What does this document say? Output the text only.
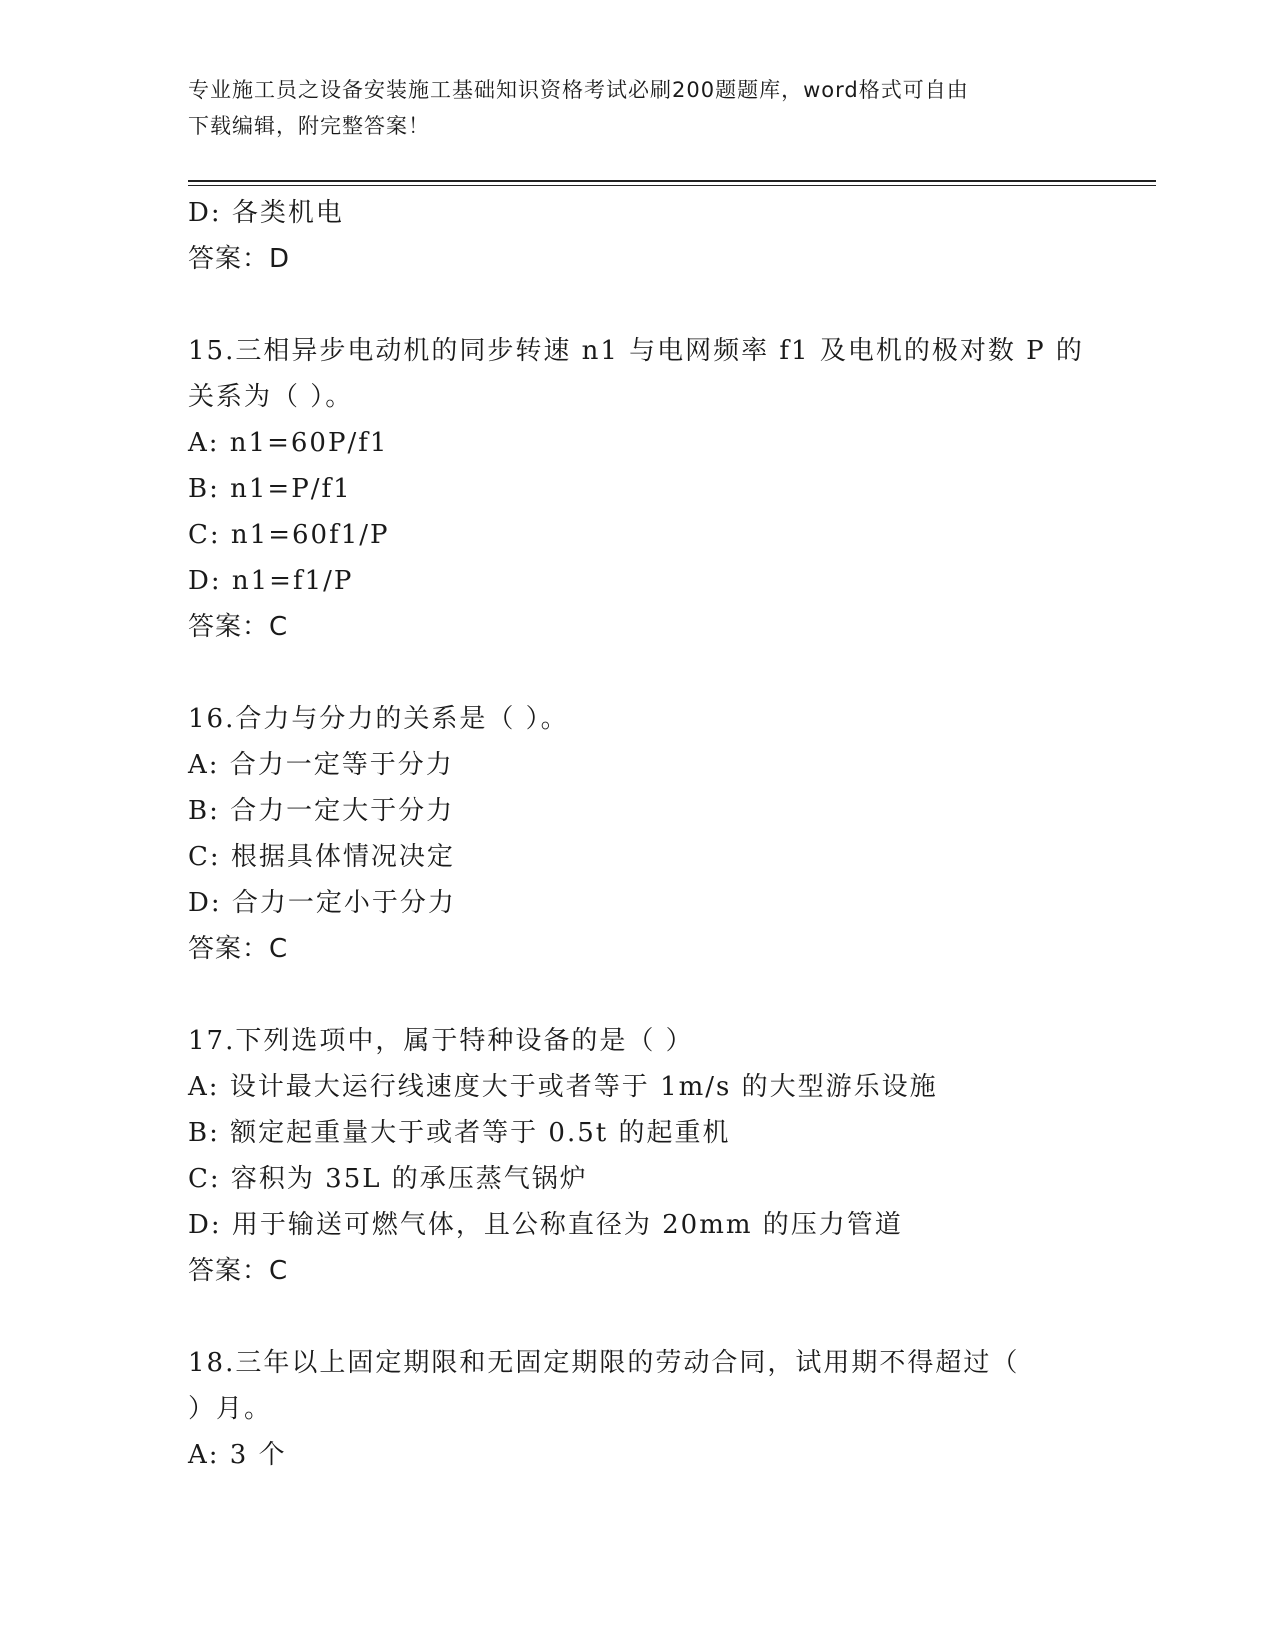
专业施工员之设备安装施工基础知识资格考试必刷200题题库，word格式可自由
下载编辑，附完整答案！
D: 各类机电
答案：D
15.三相异步电动机的同步转速 n1 与电网频率 f1 及电机的极对数 P 的
关系为（ ）。
A: n1=60P/f1
B: n1=P/f1
C: n1=60f1/P
D: n1=f1/P
答案：C
16.合力与分力的关系是（ ）。
A: 合力一定等于分力
B: 合力一定大于分力
C: 根据具体情况决定
D: 合力一定小于分力
答案：C
17.下列选项中，属于特种设备的是（ ）
A: 设计最大运行线速度大于或者等于 1m/s 的大型游乐设施
B: 额定起重量大于或者等于 0.5t 的起重机
C: 容积为 35L 的承压蒸气锅炉
D: 用于输送可燃气体，且公称直径为 20mm 的压力管道
答案：C
18.三年以上固定期限和无固定期限的劳动合同，试用期不得超过（
）月。
A: 3 个
